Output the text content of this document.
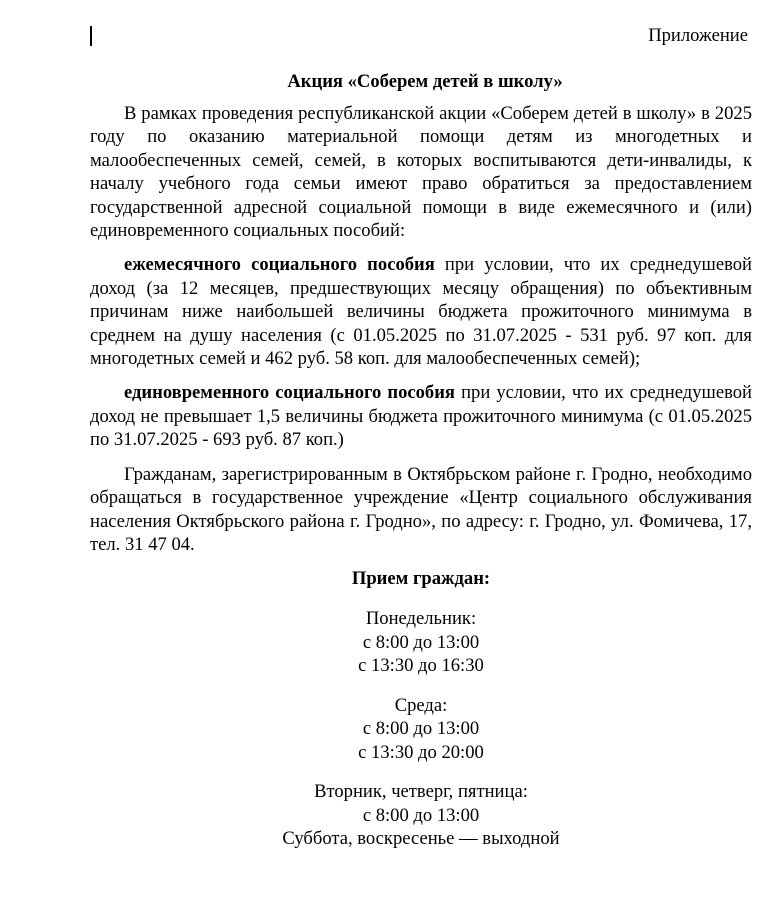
Приложение
Акция «Соберем детей в школу»

В рамках проведения республиканской акции «Соберем детей в школу» в 2025 году по оказанию материальной помощи детям из многодетных и малообеспеченных семей, семей, в которых воспитываются дети-инвалиды, к началу учебного года семьи имеют право обратиться за предоставлением государственной адресной социальной помощи в виде ежемесячного и (или) единовременного социальных пособий:

ежемесячного социального пособия при условии, что их среднедушевой доход (за 12 месяцев, предшествующих месяцу обращения) по объективным причинам ниже наибольшей величины бюджета прожиточного минимума в среднем на душу населения (с 01.05.2025 по 31.07.2025 - 531 руб. 97 коп. для многодетных семей и 462 руб. 58 коп. для малообеспеченных семей);

единовременного социального пособия при условии, что их среднедушевой доход не превышает 1,5 величины бюджета прожиточного минимума (с 01.05.2025 по 31.07.2025 - 693 руб. 87 коп.)

Гражданам, зарегистрированным в Октябрьском районе г. Гродно, необходимо обращаться в государственное учреждение «Центр социального обслуживания населения Октябрьского района г. Гродно», по адресу: г. Гродно, ул. Фомичева, 17, тел. 31 47 04.

Прием граждан:
Понедельник:
с 8:00 до 13:00
с 13:30 до 16:30
Среда:
с 8:00 до 13:00
с 13:30 до 20:00
Вторник, четверг, пятница:
с 8:00 до 13:00
Суббота, воскресенье — выходной
